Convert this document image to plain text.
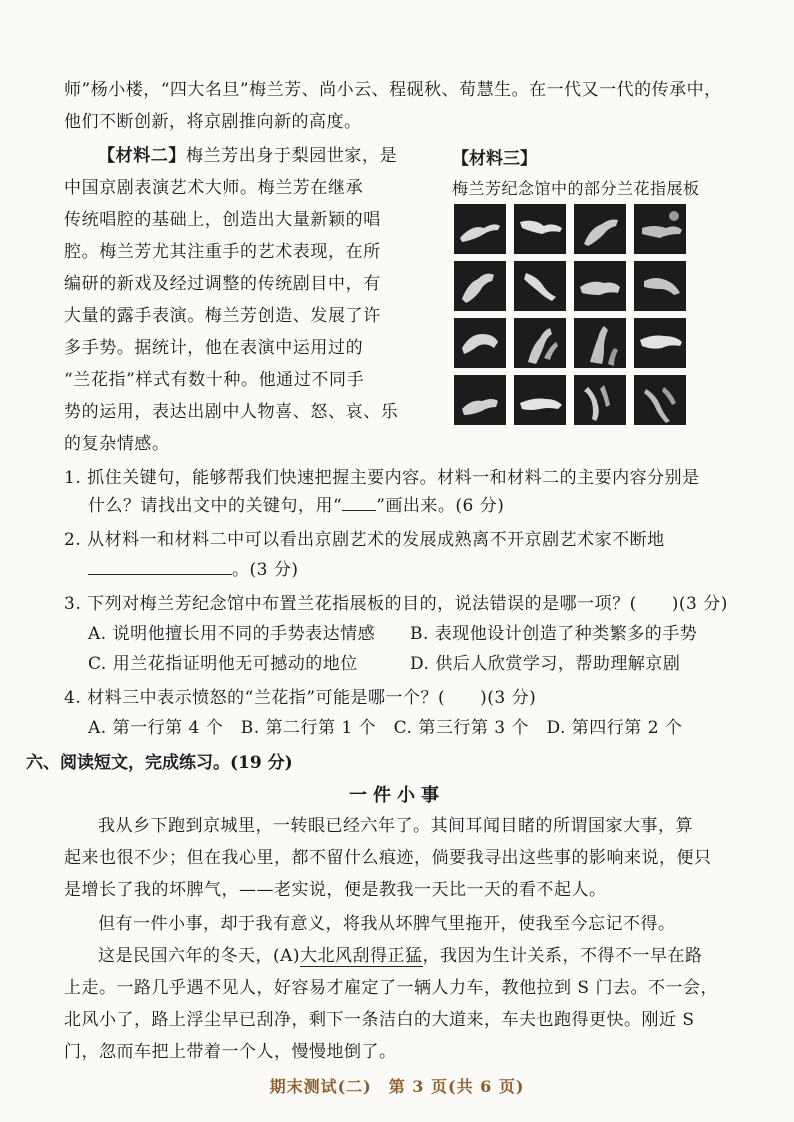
师”杨小楼，“四大名旦”梅兰芳、尚小云、程砚秋、荀慧生。在一代又一代的传承中，
他们不断创新，将京剧推向新的高度。
【材料二】梅兰芳出身于梨园世家，是
中国京剧表演艺术大师。梅兰芳在继承
传统唱腔的基础上，创造出大量新颖的唱
腔。梅兰芳尤其注重手的艺术表现，在所
编研的新戏及经过调整的传统剧目中，有
大量的露手表演。梅兰芳创造、发展了许
多手势。据统计，他在表演中运用过的
“兰花指”样式有数十种。他通过不同手
势的运用，表达出剧中人物喜、怒、哀、乐
的复杂情感。
【材料三】
梅兰芳纪念馆中的部分兰花指展板
1. 抓住关键句，能够帮我们快速把握主要内容。材料一和材料二的主要内容分别是
什么？请找出文中的关键句，用“ ”画出来。(6 分)
2. 从材料一和材料二中可以看出京剧艺术的发展成熟离不开京剧艺术家不断地
。(3 分)
3. 下列对梅兰芳纪念馆中布置兰花指展板的目的，说法错误的是哪一项？(　　)(3 分)
A. 说明他擅长用不同的手势表达情感 B. 表现他设计创造了种类繁多的手势
C. 用兰花指证明他无可撼动的地位	D. 供后人欣赏学习，帮助理解京剧
4. 材料三中表示愤怒的“兰花指”可能是哪一个？(　　)(3 分)
A. 第一行第 4 个　B. 第二行第 1 个　C. 第三行第 3 个　D. 第四行第 2 个
六、阅读短文，完成练习。(19 分)
一件小事
我从乡下跑到京城里，一转眼已经六年了。其间耳闻目睹的所谓国家大事，算
起来也很不少；但在我心里，都不留什么痕迹，倘要我寻出这些事的影响来说，便只
是增长了我的坏脾气，——老实说，便是教我一天比一天的看不起人。
但有一件小事，却于我有意义，将我从坏脾气里拖开，使我至今忘记不得。
这是民国六年的冬天，(A)大北风刮得正猛，我因为生计关系，不得不一早在路
上走。一路几乎遇不见人，好容易才雇定了一辆人力车，教他拉到 S 门去。不一会，
北风小了，路上浮尘早已刮净，剩下一条洁白的大道来，车夫也跑得更快。刚近 S
门，忽而车把上带着一个人，慢慢地倒了。
期末测试(二)　第 3 页(共 6 页)
